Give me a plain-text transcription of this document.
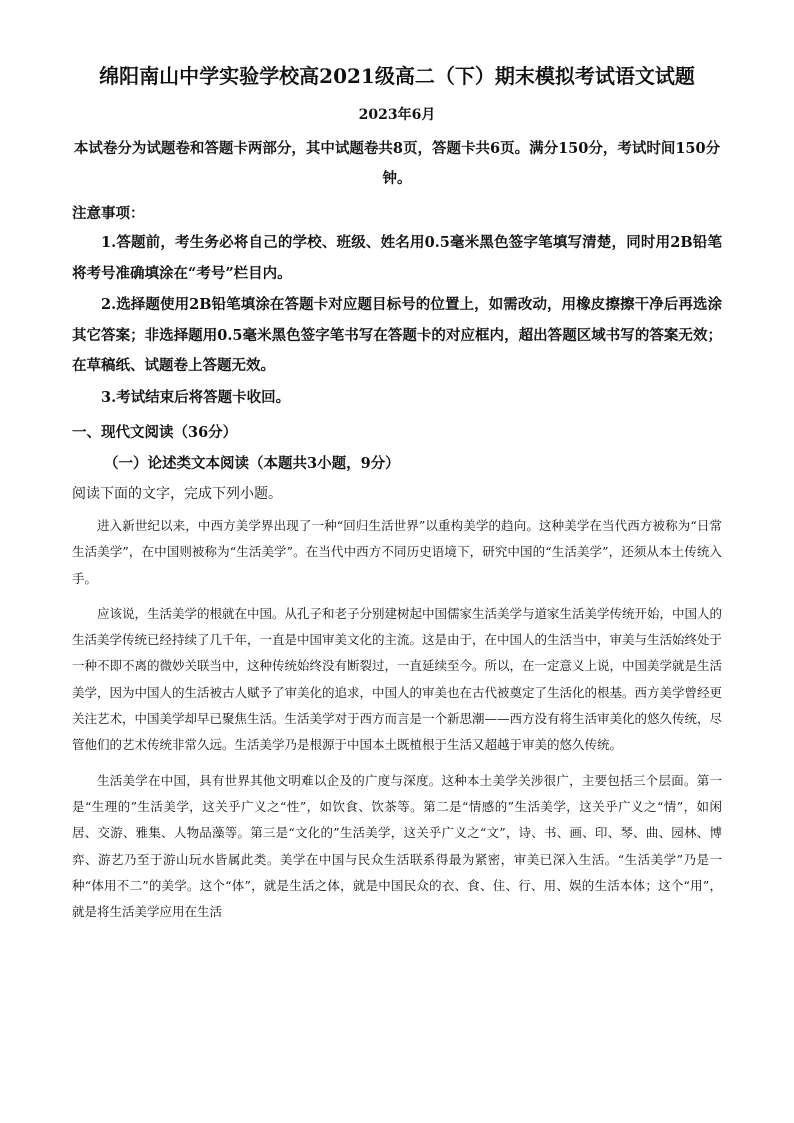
绵阳南山中学实验学校高2021级高二（下）期末模拟考试语文试题
2023年6月
本试卷分为试题卷和答题卡两部分，其中试题卷共8页，答题卡共6页。满分150分，考试时间150分钟。
注意事项：

1.答题前，考生务必将自己的学校、班级、姓名用0.5毫米黑色签字笔填写清楚，同时用2B铅笔将考号准确填涂在“考号”栏目内。

2.选择题使用2B铅笔填涂在答题卡对应题目标号的位置上，如需改动，用橡皮擦擦干净后再选涂其它答案；非选择题用0.5毫米黑色签字笔书写在答题卡的对应框内，超出答题区域书写的答案无效；在草稿纸、试题卷上答题无效。

3.考试结束后将答题卡收回。

一、现代文阅读（36分）
（一）论述类文本阅读（本题共3小题，9分）
阅读下面的文字，完成下列小题。

进入新世纪以来，中西方美学界出现了一种“回归生活世界”以重构美学的趋向。这种美学在当代西方被称为“日常生活美学”，在中国则被称为“生活美学”。在当代中西方不同历史语境下，研究中国的“生活美学”，还须从本土传统入手。

应该说，生活美学的根就在中国。从孔子和老子分别建树起中国儒家生活美学与道家生活美学传统开始，中国人的生活美学传统已经持续了几千年，一直是中国审美文化的主流。这是由于，在中国人的生活当中，审美与生活始终处于一种不即不离的微妙关联当中，这种传统始终没有断裂过，一直延续至今。所以，在一定意义上说，中国美学就是生活美学，因为中国人的生活被古人赋予了审美化的追求，中国人的审美也在古代被奠定了生活化的根基。西方美学曾经更关注艺术，中国美学却早已聚焦生活。生活美学对于西方而言是一个新思潮——西方没有将生活审美化的悠久传统，尽管他们的艺术传统非常久远。生活美学乃是根源于中国本土既植根于生活又超越于审美的悠久传统。

生活美学在中国，具有世界其他文明难以企及的广度与深度。这种本土美学关涉很广，主要包括三个层面。第一是“生理的”生活美学，这关乎广义之“性”，如饮食、饮茶等。第二是“情感的”生活美学，这关乎广义之“情”，如闲居、交游、雅集、人物品藻等。第三是“文化的”生活美学，这关乎广义之“文”，诗、书、画、印、琴、曲、园林、博弈、游艺乃至于游山玩水皆属此类。美学在中国与民众生活联系得最为紧密，审美已深入生活。“生活美学”乃是一种“体用不二”的美学。这个“体”，就是生活之体，就是中国民众的衣、食、住、行、用、娱的生活本体；这个“用”，就是将生活美学应用在生活
